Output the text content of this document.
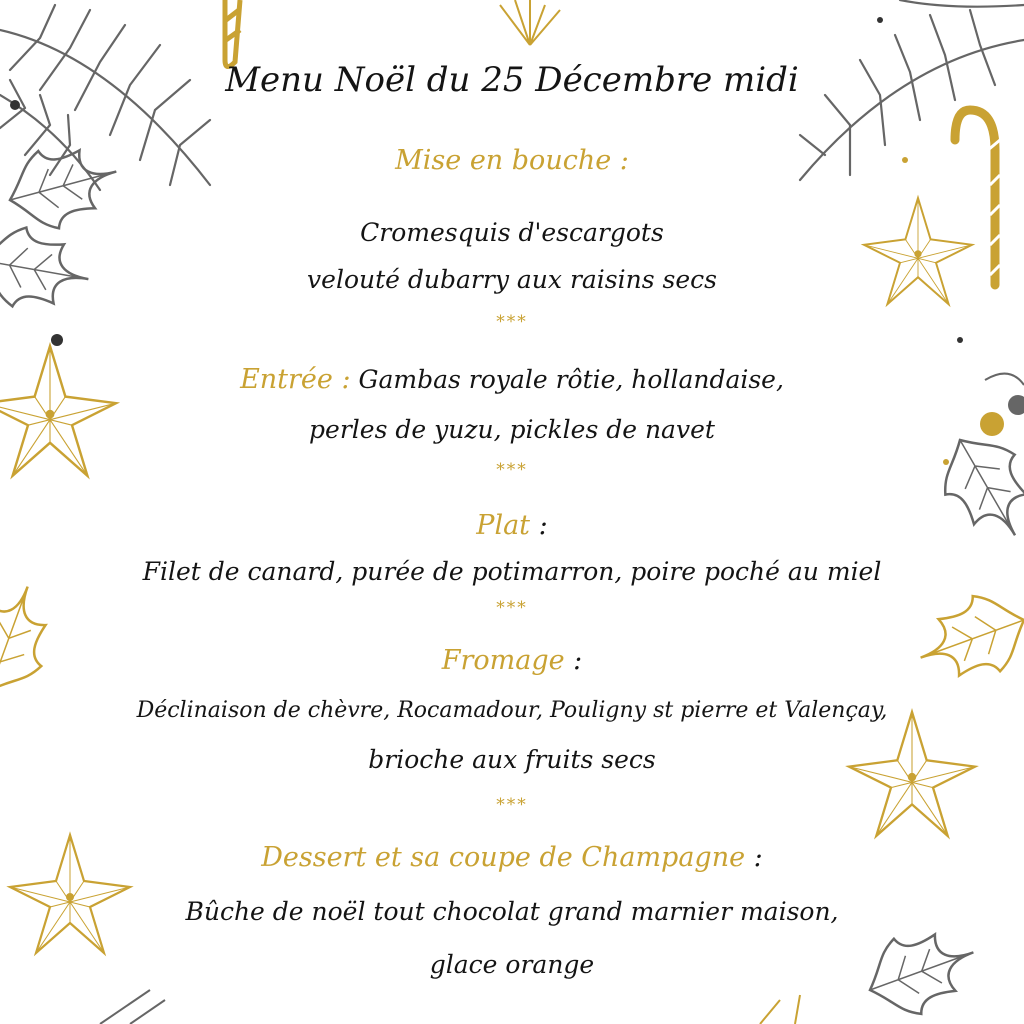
Menu Noël du 25 Décembre midi
Mise en bouche :
Cromesquis d'escargots
velouté dubarry aux raisins secs
***
Entrée : Gambas royale rôtie, hollandaise,
perles de yuzu, pickles de navet
***
Plat :
Filet de canard, purée de potimarron, poire poché au miel
***
Fromage :
Déclinaison de chèvre, Rocamadour, Pouligny st pierre et Valençay,
brioche aux fruits secs
***
Dessert et sa coupe de Champagne :
Bûche de noël tout chocolat grand marnier maison,
glace orange
